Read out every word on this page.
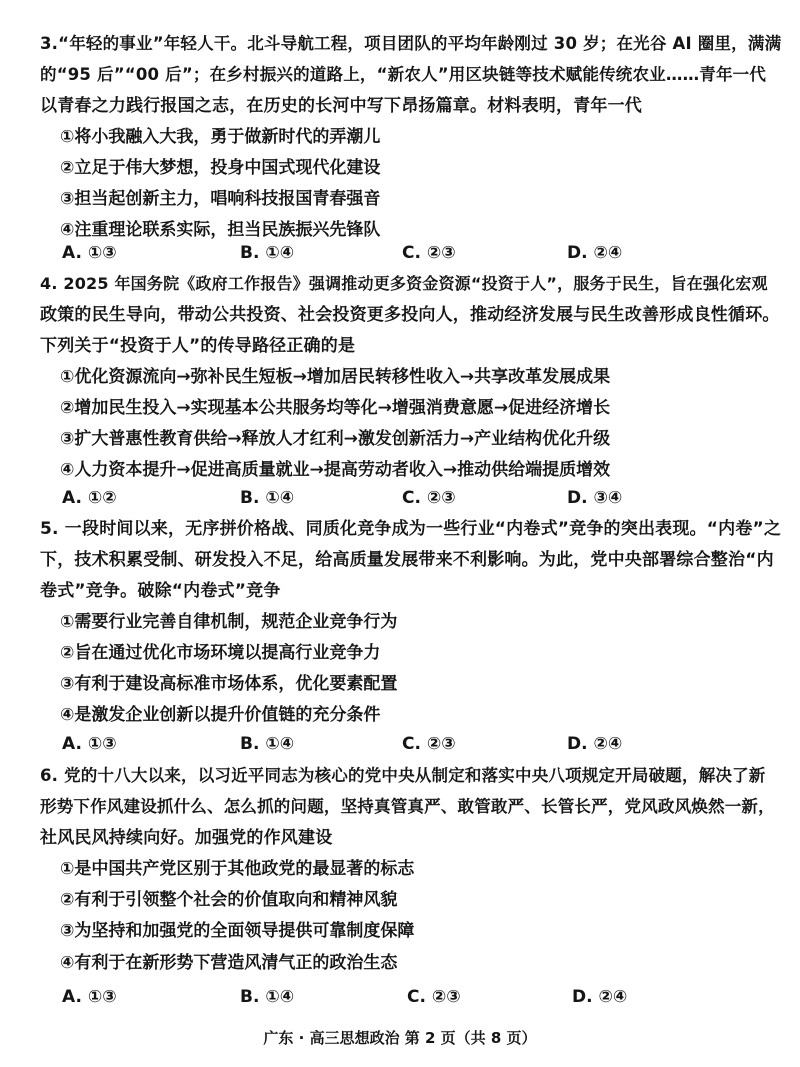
3.“年轻的事业”年轻人干。北斗导航工程，项目团队的平均年龄刚过 30 岁；在光谷 AI 圈里，满满
的“95 后”“00 后”；在乡村振兴的道路上，“新农人”用区块链等技术赋能传统农业……青年一代
以青春之力践行报国之志，在历史的长河中写下昂扬篇章。材料表明，青年一代
①将小我融入大我，勇于做新时代的弄潮儿
②立足于伟大梦想，投身中国式现代化建设
③担当起创新主力，唱响科技报国青春强音
④注重理论联系实际，担当民族振兴先锋队
A. ①③	B. ①④	C. ②③	D. ②④
4. 2025 年国务院《政府工作报告》强调推动更多资金资源“投资于人”，服务于民生，旨在强化宏观
政策的民生导向，带动公共投资、社会投资更多投向人，推动经济发展与民生改善形成良性循环。
下列关于“投资于人”的传导路径正确的是
①优化资源流向→弥补民生短板→增加居民转移性收入→共享改革发展成果
②增加民生投入→实现基本公共服务均等化→增强消费意愿→促进经济增长
③扩大普惠性教育供给→释放人才红利→激发创新活力→产业结构优化升级
④人力资本提升→促进高质量就业→提高劳动者收入→推动供给端提质增效
A. ①②	B. ①④	C. ②③	D. ③④
5. 一段时间以来，无序拼价格战、同质化竞争成为一些行业“内卷式”竞争的突出表现。“内卷”之
下，技术积累受制、研发投入不足，给高质量发展带来不利影响。为此，党中央部署综合整治“内
卷式”竞争。破除“内卷式”竞争
①需要行业完善自律机制，规范企业竞争行为
②旨在通过优化市场环境以提高行业竞争力
③有利于建设高标准市场体系，优化要素配置
④是激发企业创新以提升价值链的充分条件
A. ①③	B. ①④	C. ②③	D. ②④
6. 党的十八大以来，以习近平同志为核心的党中央从制定和落实中央八项规定开局破题，解决了新
形势下作风建设抓什么、怎么抓的问题，坚持真管真严、敢管敢严、长管长严，党风政风焕然一新，
社风民风持续向好。加强党的作风建设
①是中国共产党区别于其他政党的最显著的标志
②有利于引领整个社会的价值取向和精神风貌
③为坚持和加强党的全面领导提供可靠制度保障
④有利于在新形势下营造风清气正的政治生态
A. ①③	B. ①④	C. ②③	D. ②④
广东 · 高三思想政治 第 2 页（共 8 页）
